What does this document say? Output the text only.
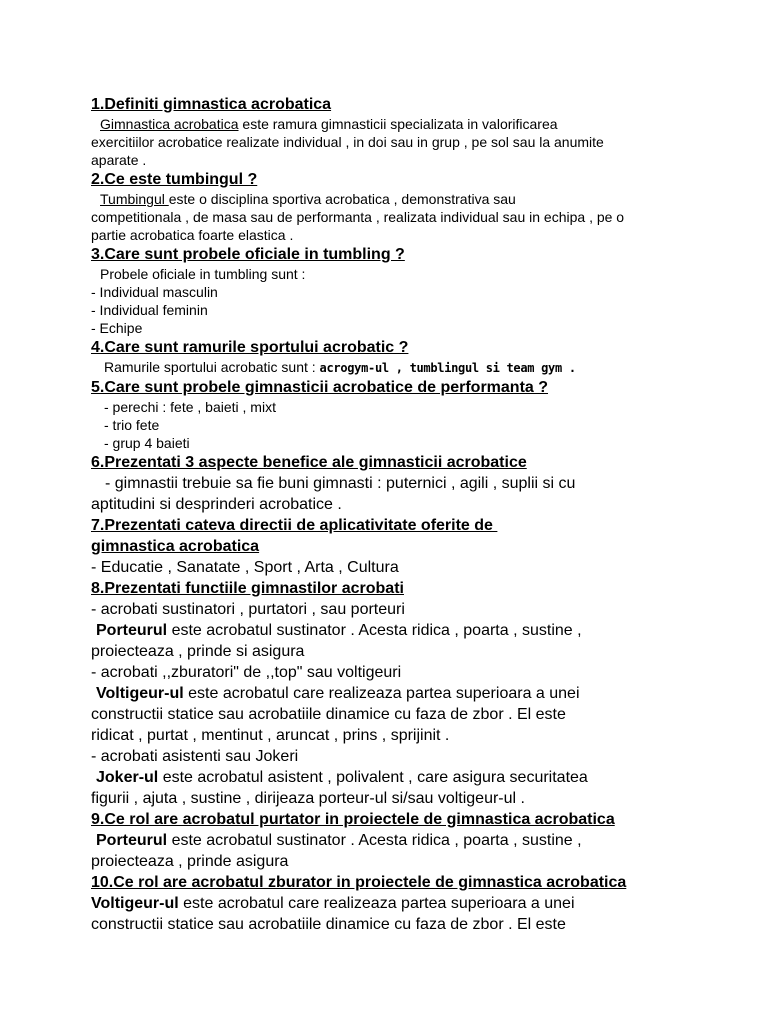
1.Definiti gimnastica acrobatica
Gimnastica acrobatica este ramura gimnasticii specializata in valorificarea
exercitiilor acrobatice realizate individual , in doi sau in grup , pe sol sau la anumite
aparate .
2.Ce este tumbingul ?
Tumbingul este o disciplina sportiva acrobatica , demonstrativa sau
competitionala , de masa sau de performanta , realizata individual sau in echipa , pe o
partie acrobatica foarte elastica .
3.Care sunt probele oficiale in tumbling ?
Probele oficiale in tumbling sunt :
- Individual masculin
- Individual feminin
- Echipe
4.Care sunt ramurile sportului acrobatic ?
Ramurile sportului acrobatic sunt : acrogym-ul , tumblingul si team gym .
5.Care sunt probele gimnasticii acrobatice de performanta ?
- perechi : fete , baieti , mixt
- trio fete
- grup 4 baieti
6.Prezentati 3 aspecte benefice ale gimnasticii acrobatice
- gimnastii trebuie sa fie buni gimnasti : puternici , agili , suplii si cu
aptitudini si desprinderi acrobatice .
7.Prezentati cateva directii de aplicativitate oferite de
gimnastica acrobatica
- Educatie , Sanatate , Sport , Arta , Cultura
8.Prezentati functiile gimnastilor acrobati
- acrobati sustinatori , purtatori , sau porteuri
Porteurul este acrobatul sustinator . Acesta ridica , poarta , sustine ,
proiecteaza , prinde si asigura
- acrobati ,,zburatori" de ,,top" sau voltigeuri
Voltigeur-ul este acrobatul care realizeaza partea superioara a unei
constructii statice sau acrobatiile dinamice cu faza de zbor . El este
ridicat , purtat , mentinut , aruncat , prins , sprijinit .
- acrobati asistenti sau Jokeri
Joker-ul este acrobatul asistent , polivalent , care asigura securitatea
figurii , ajuta , sustine , dirijeaza porteur-ul si/sau voltigeur-ul .
9.Ce rol are acrobatul purtator in proiectele de gimnastica acrobatica
Porteurul este acrobatul sustinator . Acesta ridica , poarta , sustine ,
proiecteaza , prinde asigura
10.Ce rol are acrobatul zburator in proiectele de gimnastica acrobatica
Voltigeur-ul este acrobatul care realizeaza partea superioara a unei
constructii statice sau acrobatiile dinamice cu faza de zbor . El este
